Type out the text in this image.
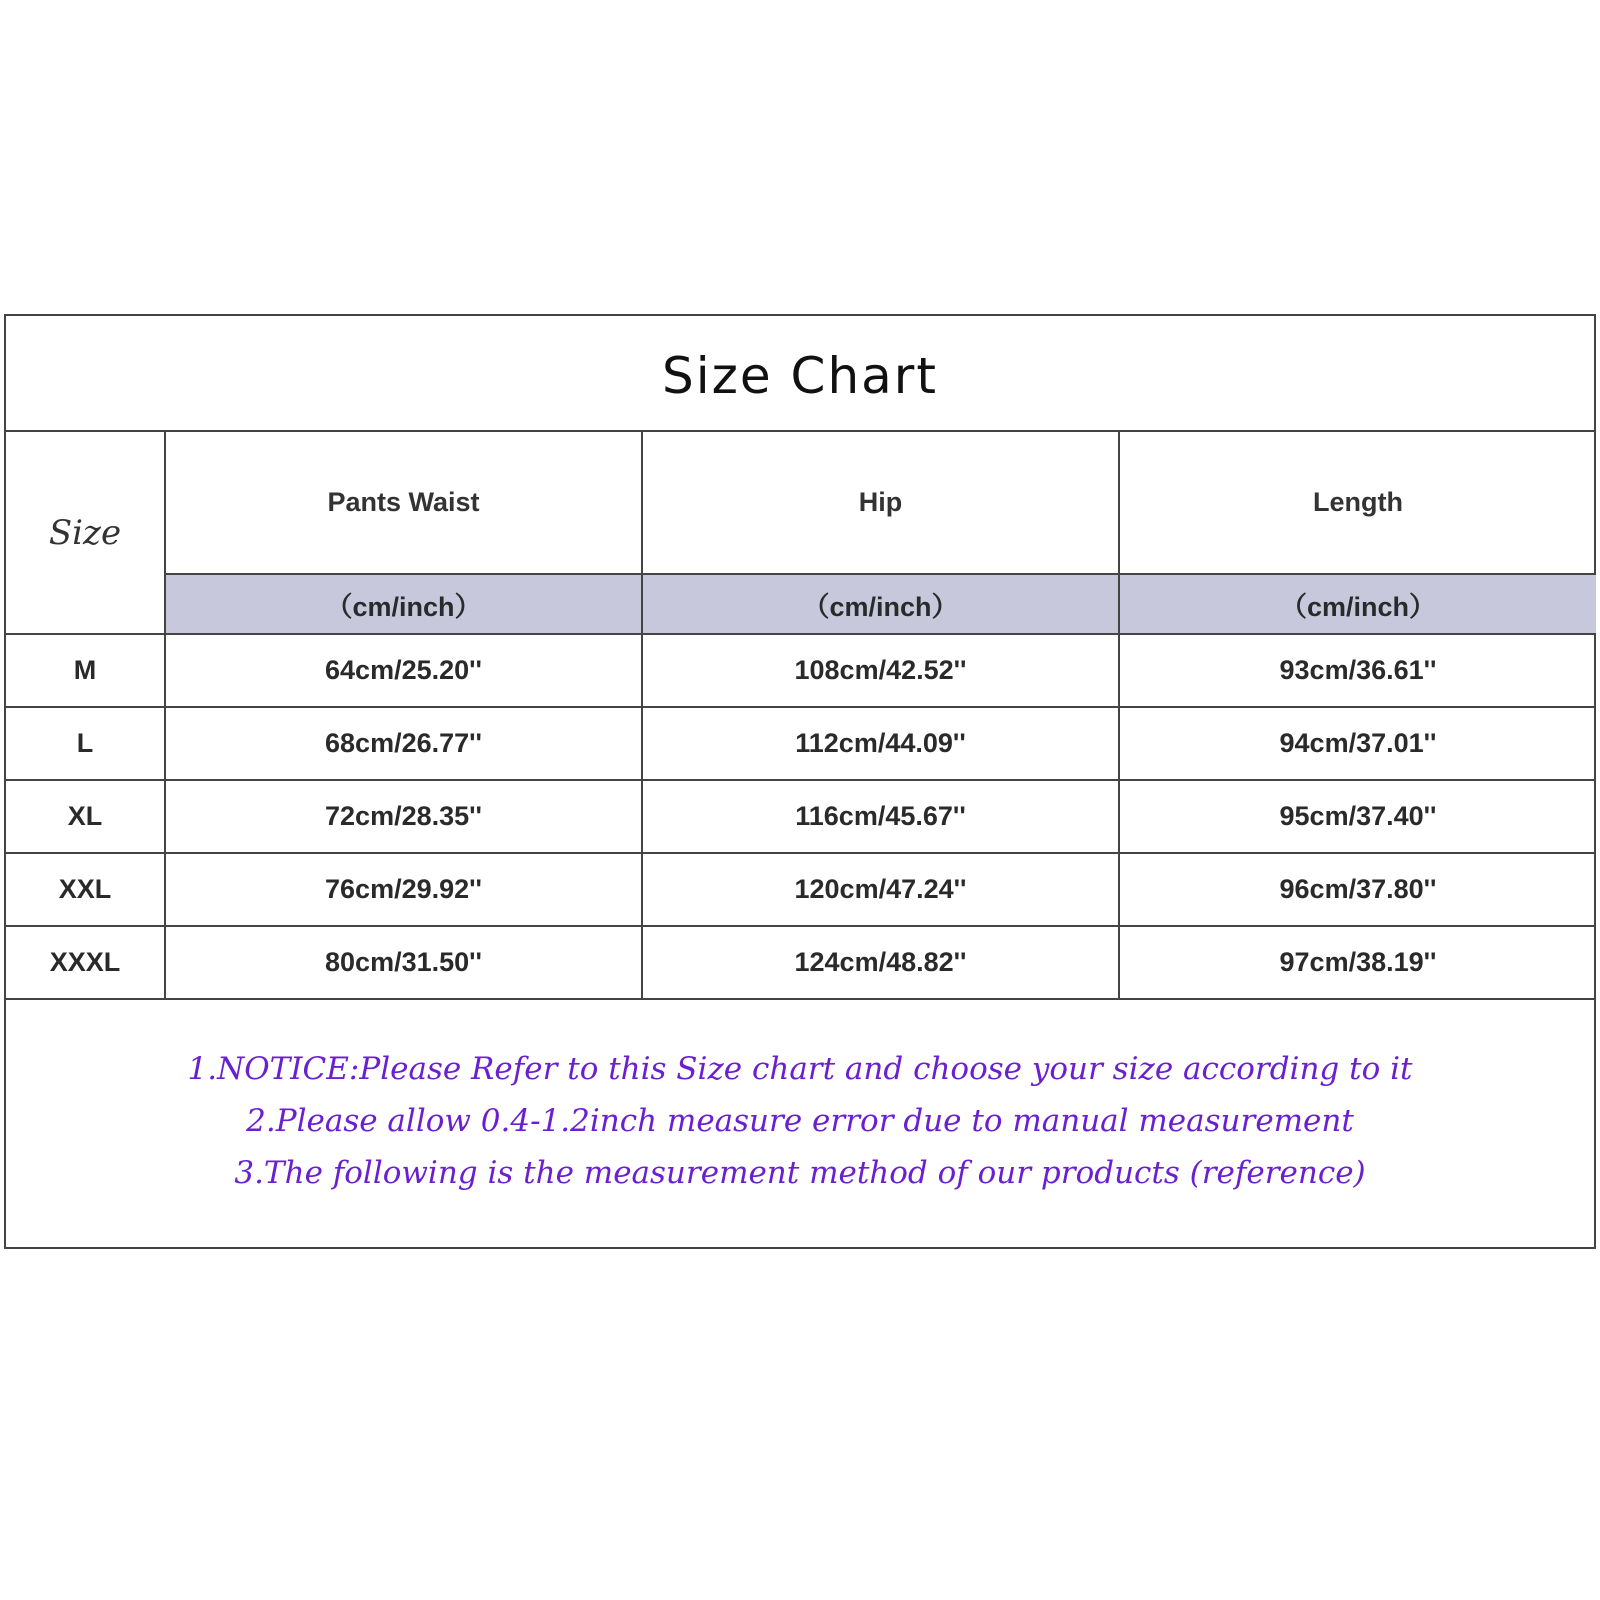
Size Chart
Size	Pants Waist	Hip	Length
	（cm/inch）	（cm/inch）	（cm/inch）
M	64cm/25.20''	108cm/42.52''	93cm/36.61''
L	68cm/26.77''	112cm/44.09''	94cm/37.01''
XL	72cm/28.35''	116cm/45.67''	95cm/37.40''
XXL	76cm/29.92''	120cm/47.24''	96cm/37.80''
XXXL	80cm/31.50''	124cm/48.82''	97cm/38.19''
1.NOTICE:Please Refer to this Size chart and choose your size according to it
2.Please allow 0.4-1.2inch measure error due to manual measurement
3.The following is the measurement method of our products (reference)
